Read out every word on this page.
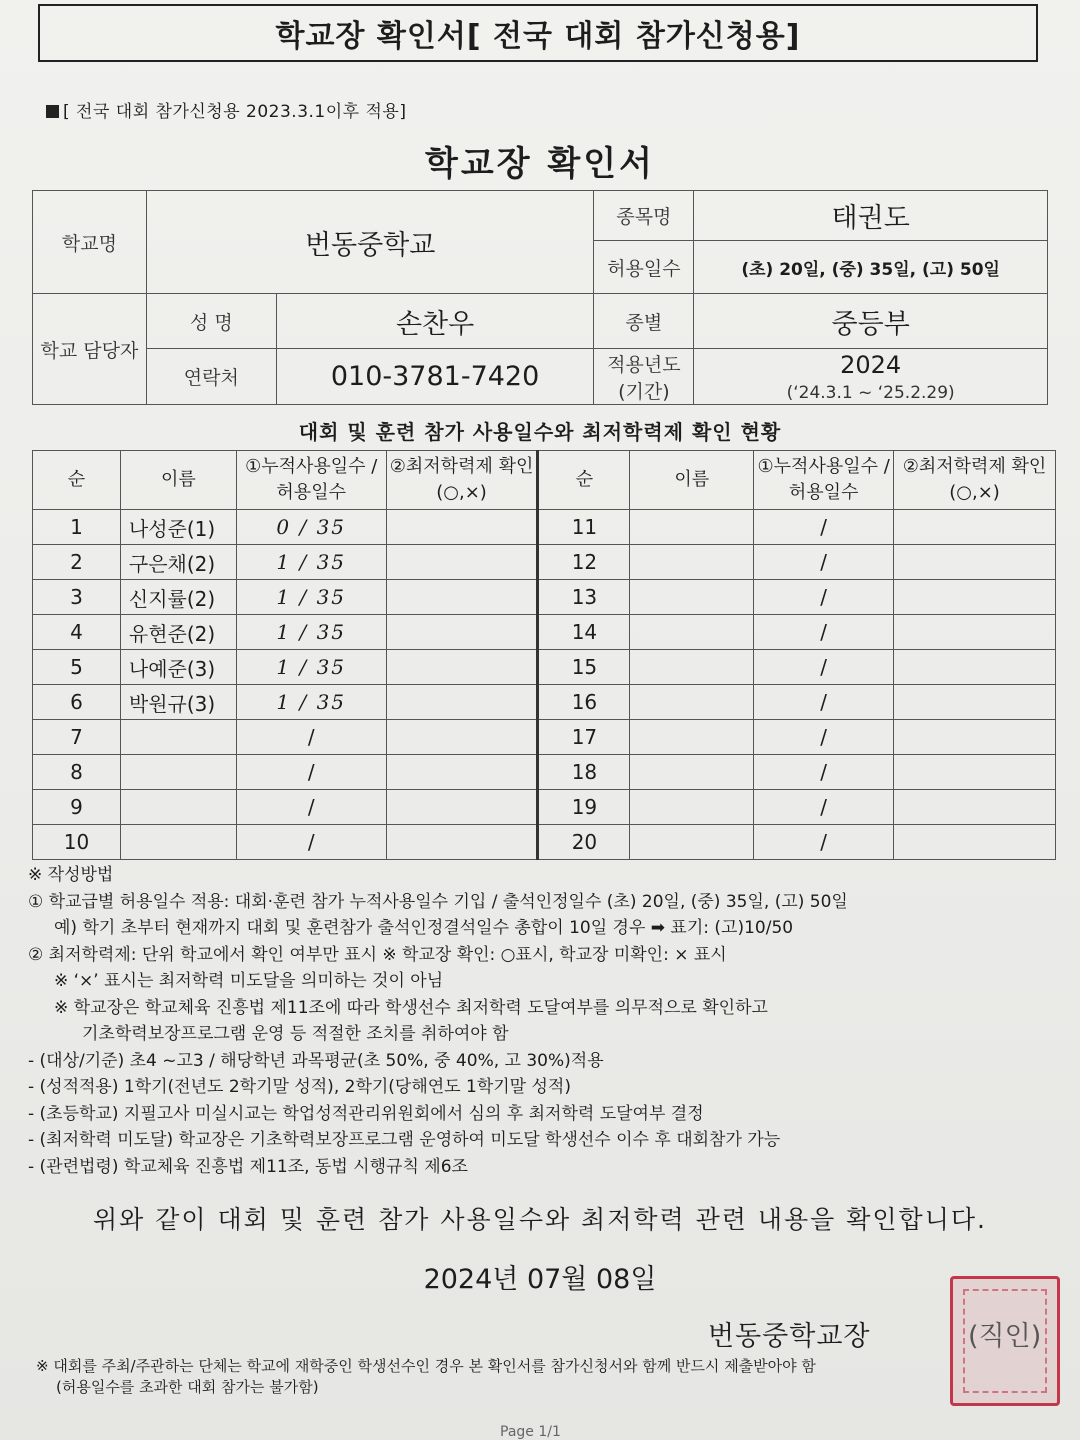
학교장 확인서[ 전국 대회 참가신청용]
[ 전국 대회 참가신청용 2023.3.1이후 적용]
학교장 확인서
학교명	번동중학교		종목명	태권도
			허용일수	(초) 20일, (중) 35일, (고) 50일
학교 담당자	성 명	손찬우	종별	중등부
	연락처	010-3781-7420	적용년도 (기간)	2024
(‘24.3.1 ~ ‘25.2.29)
대회 및 훈련 참가 사용일수와 최저학력제 확인 현황
순	이름	①누적사용일수 /허용일수	②최저학력제 확인(○,×)	순	이름	①누적사용일수 /허용일수	②최저학력제 확인(○,×)
1	나성준(1)	0 / 35		11		/	
2	구은채(2)	1 / 35		12		/	
3	신지률(2)	1 / 35		13		/	
4	유현준(2)	1 / 35		14		/	
5	나예준(3)	1 / 35		15		/	
6	박원규(3)	1 / 35		16		/	
7		/		17		/	
8		/		18		/	
9		/		19		/	
10		/		20		/	
※ 작성방법
① 학교급별 허용일수 적용: 대회·훈련 참가 누적사용일수 기입 / 출석인정일수 (초) 20일, (중) 35일, (고) 50일
예) 학기 초부터 현재까지 대회 및 훈련참가 출석인정결석일수 총합이 10일 경우 ➡ 표기: (고)10/50
② 최저학력제: 단위 학교에서 확인 여부만 표시 ※ 학교장 확인: ○표시, 학교장 미확인: × 표시
※ ‘×’ 표시는 최저학력 미도달을 의미하는 것이 아님
※ 학교장은 학교체육 진흥법 제11조에 따라 학생선수 최저학력 도달여부를 의무적으로 확인하고
기초학력보장프로그램 운영 등 적절한 조치를 취하여야 함
- (대상/기준) 초4 ~고3 / 해당학년 과목평균(초 50%, 중 40%, 고 30%)적용
- (성적적용) 1학기(전년도 2학기말 성적), 2학기(당해연도 1학기말 성적)
- (초등학교) 지필고사 미실시교는 학업성적관리위원회에서 심의 후 최저학력 도달여부 결정
- (최저학력 미도달) 학교장은 기초학력보장프로그램 운영하여 미도달 학생선수 이수 후 대회참가 가능
- (관련법령) 학교체육 진흥법 제11조, 동법 시행규칙 제6조
위와 같이 대회 및 훈련 참가 사용일수와 최저학력 관련 내용을 확인합니다.
2024년 07월 08일
번동중학교장	(직인)
※ 대회를 주최/주관하는 단체는 학교에 재학중인 학생선수인 경우 본 확인서를 참가신청서와 함께 반드시 제출받아야 함
(허용일수를 초과한 대회 참가는 불가함)
Page 1/1
